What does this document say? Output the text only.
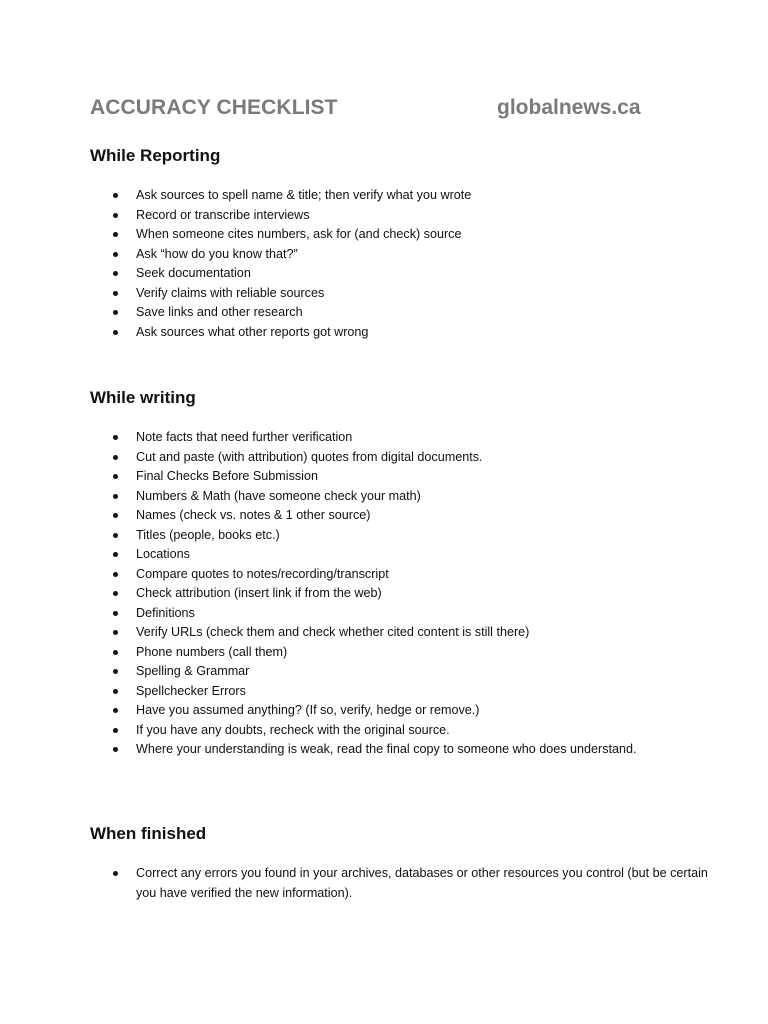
ACCURACY CHECKLIST	globalnews.ca
While Reporting
Ask sources to spell name & title; then verify what you wrote
Record or transcribe interviews
When someone cites numbers, ask for (and check) source
Ask “how do you know that?”
Seek documentation
Verify claims with reliable sources
Save links and other research
Ask sources what other reports got wrong
While writing
Note facts that need further verification
Cut and paste (with attribution) quotes from digital documents.
Final Checks Before Submission
Numbers & Math (have someone check your math)
Names (check vs. notes & 1 other source)
Titles (people, books etc.)
Locations
Compare quotes to notes/recording/transcript
Check attribution (insert link if from the web)
Definitions
Verify URLs (check them and check whether cited content is still there)
Phone numbers (call them)
Spelling & Grammar
Spellchecker Errors
Have you assumed anything? (If so, verify, hedge or remove.)
If you have any doubts, recheck with the original source.
Where your understanding is weak, read the final copy to someone who does understand.
When finished
Correct any errors you found in your archives, databases or other resources you control (but be certain you have verified the new information).
